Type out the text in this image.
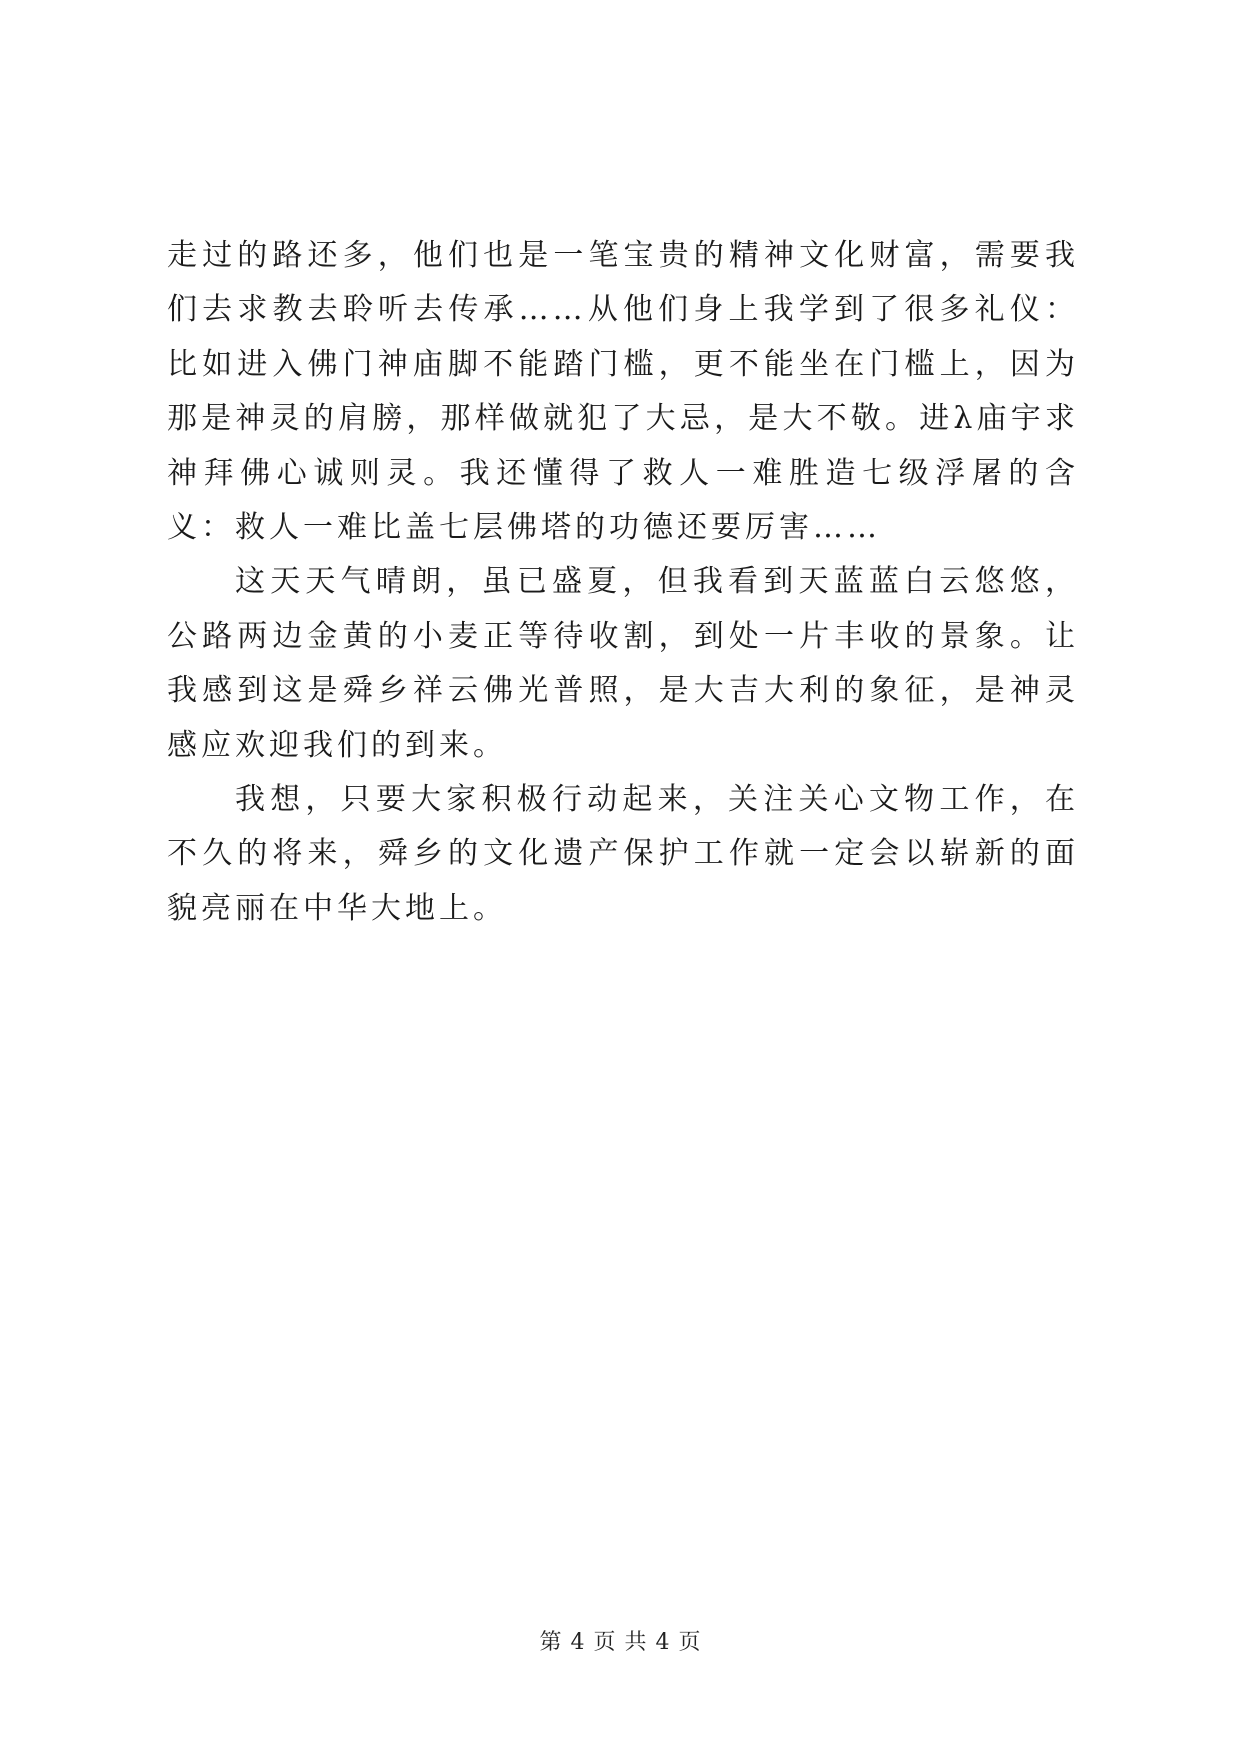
走过的路还多，他们也是一笔宝贵的精神文化财富，需要我们去求教去聆听去传承……从他们身上我学到了很多礼仪：比如进入佛门神庙脚不能踏门槛，更不能坐在门槛上，因为那是神灵的肩膀，那样做就犯了大忌，是大不敬。进λ庙宇求神拜佛心诚则灵。我还懂得了救人一难胜造七级浮屠的含义：救人一难比盖七层佛塔的功德还要厉害……

这天天气晴朗，虽已盛夏，但我看到天蓝蓝白云悠悠，公路两边金黄的小麦正等待收割，到处一片丰收的景象。让我感到这是舜乡祥云佛光普照，是大吉大利的象征，是神灵感应欢迎我们的到来。

我想，只要大家积极行动起来，关注关心文物工作，在不久的将来，舜乡的文化遗产保护工作就一定会以崭新的面貌亮丽在中华大地上。

第 4 页 共 4 页
